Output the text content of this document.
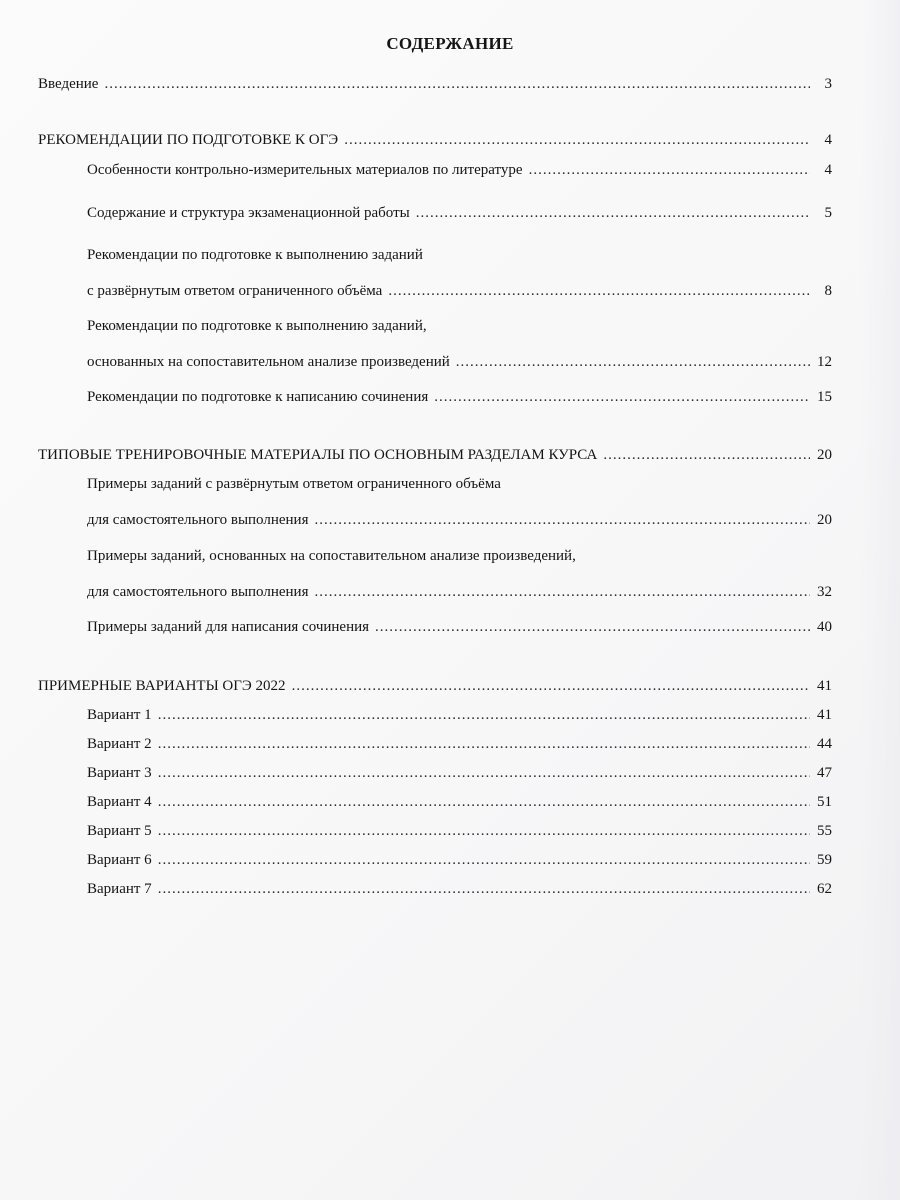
СОДЕРЖАНИЕ
Введение .....	3
РЕКОМЕНДАЦИИ ПО ПОДГОТОВКЕ К ОГЭ .....	4
Особенности контрольно-измерительных материалов по литературе .....	4
Содержание и структура экзаменационной работы .....	5
Рекомендации по подготовке к выполнению заданий
с развёрнутым ответом ограниченного объёма .....	8
Рекомендации по подготовке к выполнению заданий,
основанных на сопоставительном анализе произведений .....	12
Рекомендации по подготовке к написанию сочинения .....	15
ТИПОВЫЕ ТРЕНИРОВОЧНЫЕ МАТЕРИАЛЫ ПО ОСНОВНЫМ РАЗДЕЛАМ КУРСА .....	20
Примеры заданий с развёрнутым ответом ограниченного объёма
для самостоятельного выполнения .....	20
Примеры заданий, основанных на сопоставительном анализе произведений,
для самостоятельного выполнения .....	32
Примеры заданий для написания сочинения .....	40
ПРИМЕРНЫЕ ВАРИАНТЫ ОГЭ 2022 .....	41
Вариант 1 .....	41
Вариант 2 .....	44
Вариант 3 .....	47
Вариант 4 .....	51
Вариант 5 .....	55
Вариант 6 .....	59
Вариант 7 .....	62
